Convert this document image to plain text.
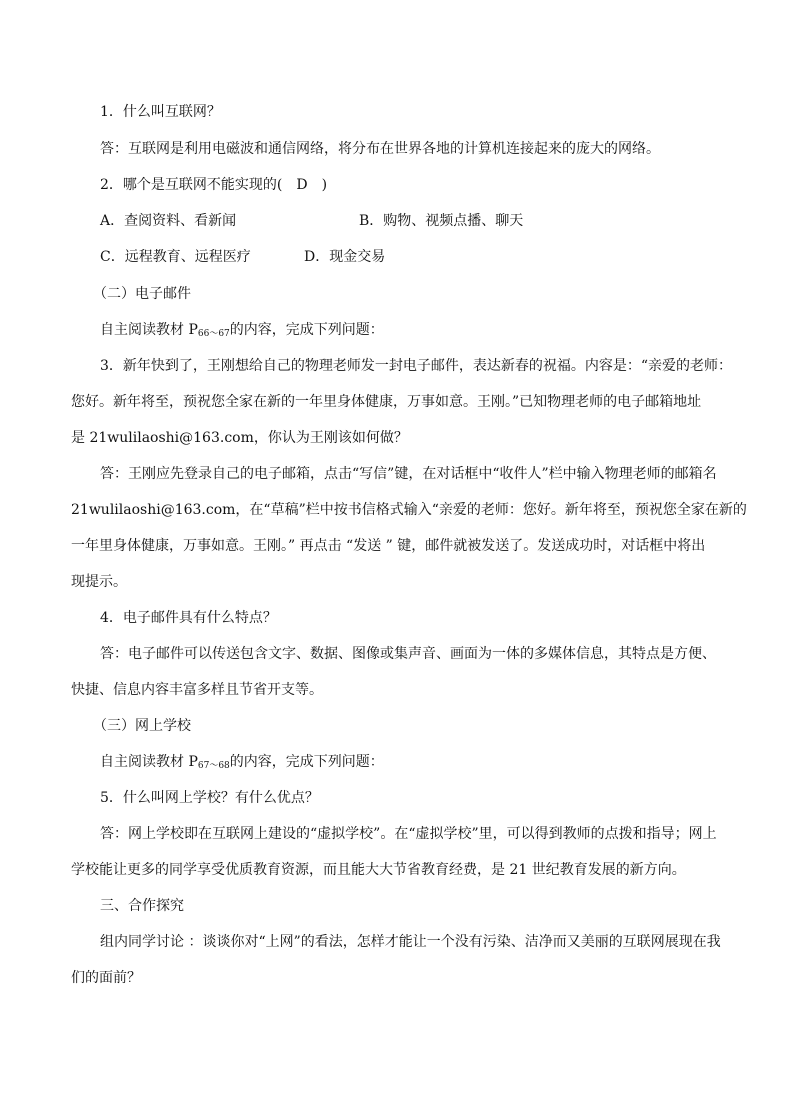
1．什么叫互联网？
答：互联网是利用电磁波和通信网络，将分布在世界各地的计算机连接起来的庞大的网络。
2．哪个是互联网不能实现的(　D　)
A．查阅资料、看新闻	B．购物、视频点播、聊天
C．远程教育、远程医疗	D．现金交易
（二）电子邮件
自主阅读教材 $P_{66\sim 67}$的内容，完成下列问题：
3．新年快到了，王刚想给自己的物理老师发一封电子邮件，表达新春的祝福。内容是：“亲爱的老师：
您好。新年将至，预祝您全家在新的一年里身体健康，万事如意。王刚。”已知物理老师的电子邮箱地址
是 21wulilaoshi@163.com，你认为王刚该如何做？
答：王刚应先登录自己的电子邮箱，点击“写信”键，在对话框中“收件人”栏中输入物理老师的邮箱名
21wulilaoshi@163.com，在“草稿”栏中按书信格式输入“亲爱的老师：您好。新年将至，预祝您全家在新的
一年里身体健康，万事如意。王刚。” 再点击 “发送 ” 键，邮件就被发送了。发送成功时，对话框中将出
现提示。
4．电子邮件具有什么特点？
答：电子邮件可以传送包含文字、数据、图像或集声音、画面为一体的多媒体信息，其特点是方便、
快捷、信息内容丰富多样且节省开支等。
（三）网上学校
自主阅读教材 $P_{67\sim 68}$的内容，完成下列问题：
5．什么叫网上学校？有什么优点？
答：网上学校即在互联网上建设的“虚拟学校”。在“虚拟学校”里，可以得到教师的点拨和指导；网上
学校能让更多的同学享受优质教育资源，而且能大大节省教育经费，是 21 世纪教育发展的新方向。
三、合作探究
组内同学讨论 ：谈谈你对“上网”的看法，怎样才能让一个没有污染、洁净而又美丽的互联网展现在我
们的面前？
